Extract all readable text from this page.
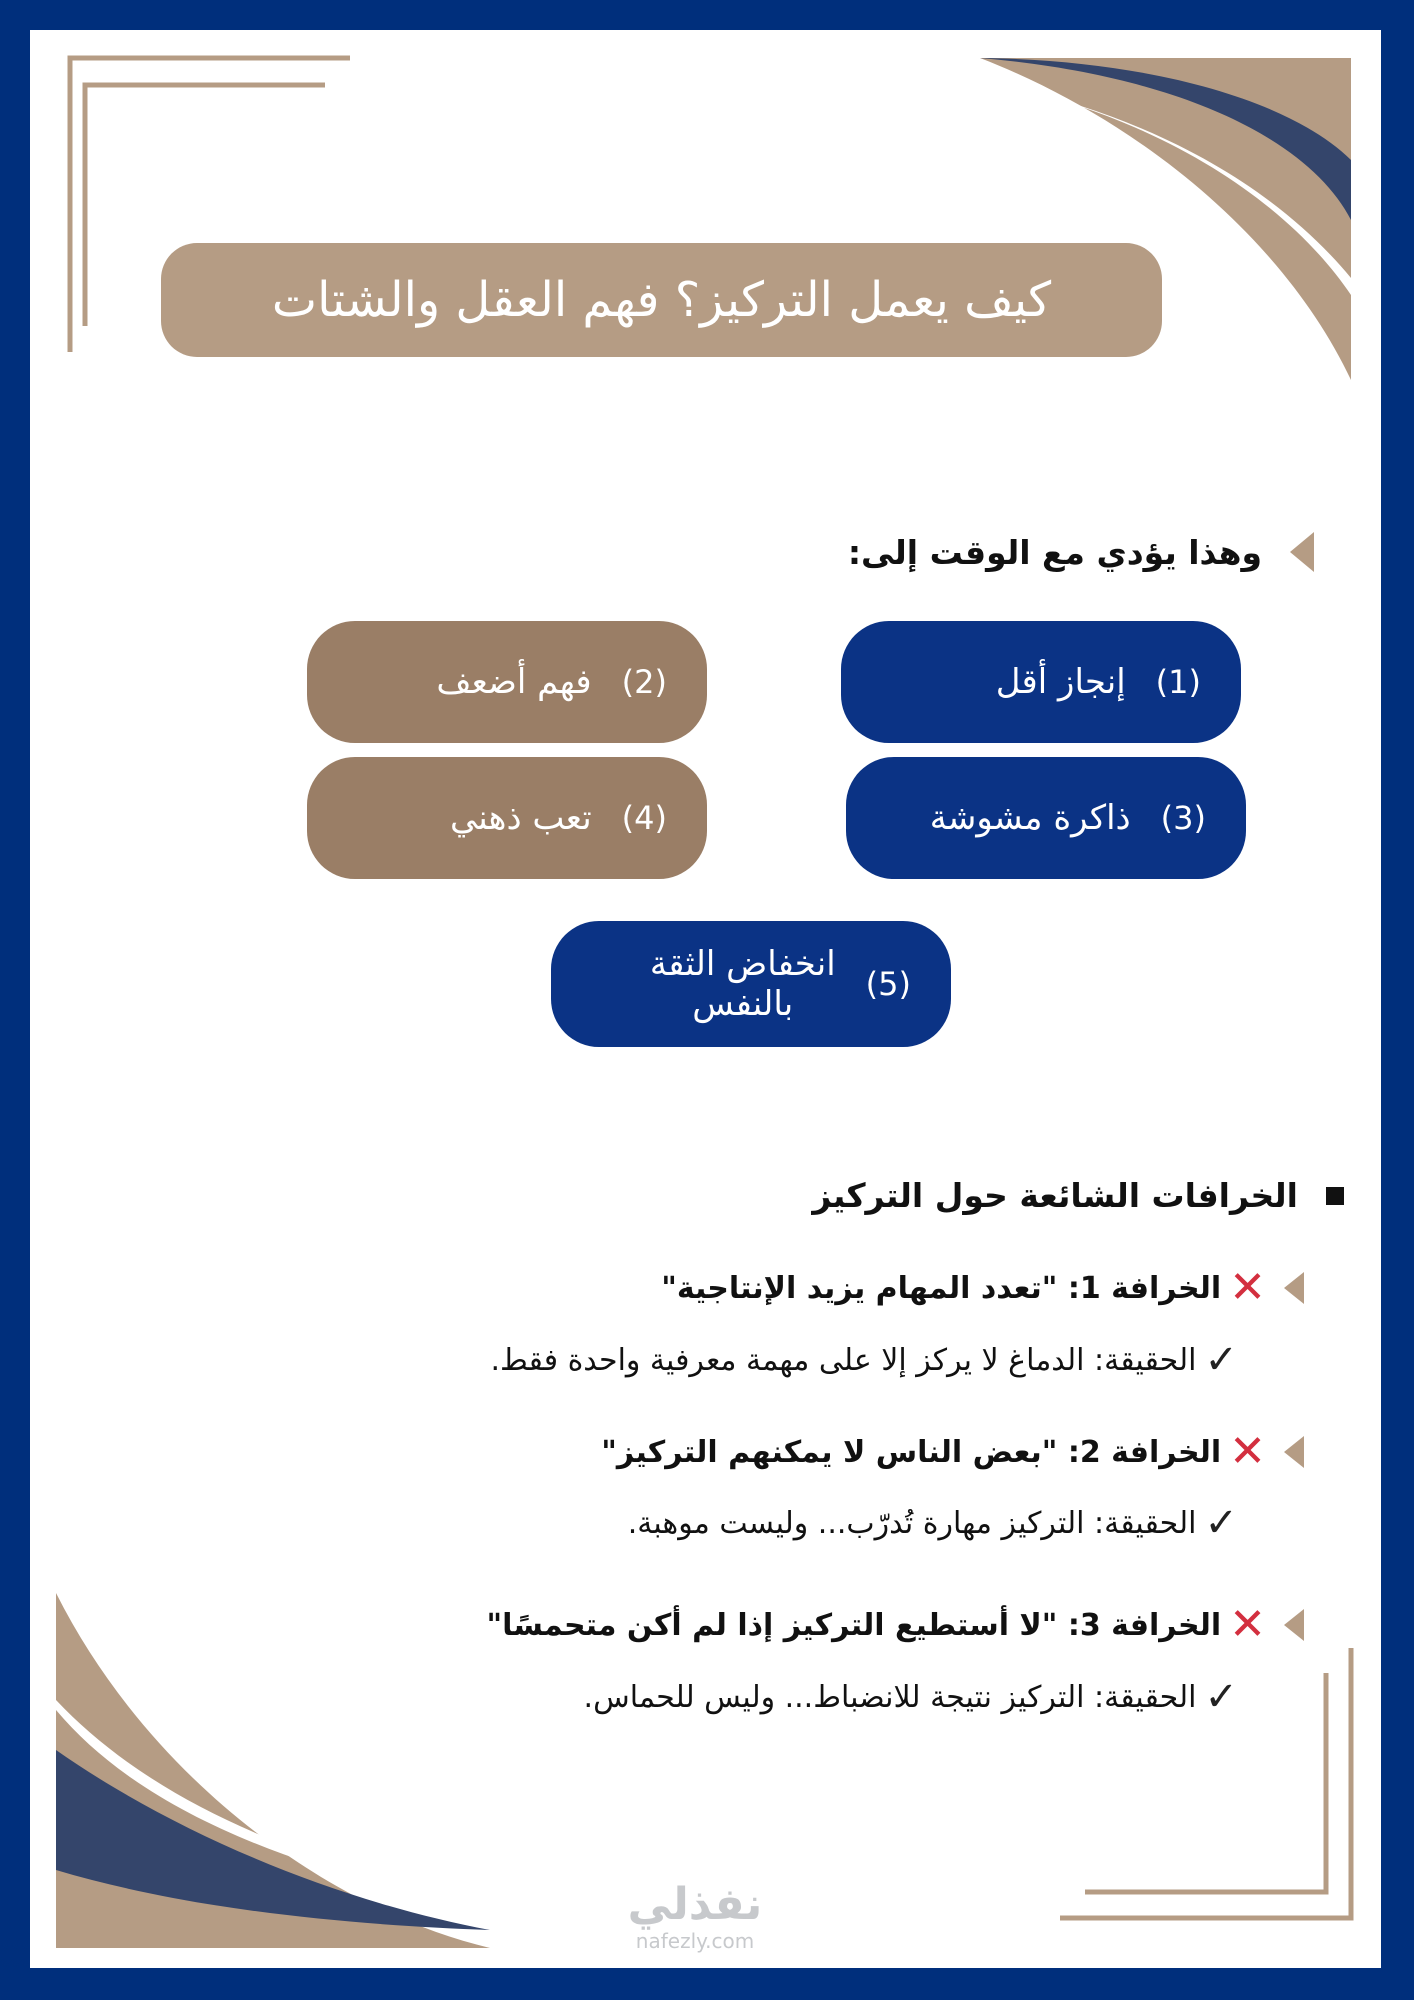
كيف يعمل التركيز؟ فهم العقل والشتات
وهذا يؤدي مع الوقت إلى:
(1)
إنجاز أقل
(2)
فهم أضعف
(3)
ذاكرة مشوشة
(4)
تعب ذهني
(5)
انخفاض الثقة
بالنفس
الخرافات الشائعة حول التركيز
✕
الخرافة 1: "تعدد المهام يزيد الإنتاجية"
✓
الحقيقة: الدماغ لا يركز إلا على مهمة معرفية واحدة فقط.
✕
الخرافة 2: "بعض الناس لا يمكنهم التركيز"
✓
الحقيقة: التركيز مهارة تُدرّب... وليست موهبة.
✕
الخرافة 3: "لا أستطيع التركيز إذا لم أكن متحمسًا"
✓
الحقيقة: التركيز نتيجة للانضباط... وليس للحماس.
نفذلي
nafezly.com
